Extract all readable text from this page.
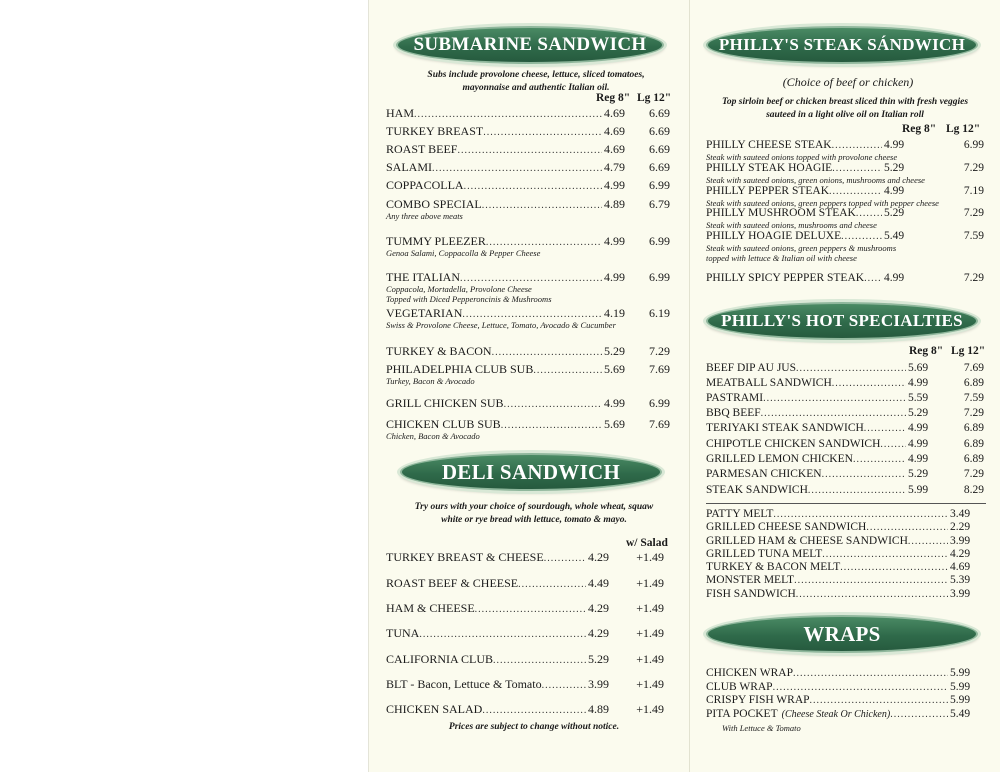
SUBMARINE SANDWICH
Subs include provolone cheese, lettuce, sliced tomatoes,
mayonnaise and authentic Italian oil.
Reg 8" Lg 12"
HAM .....	4.69	6.69
TURKEY BREAST .....	4.69	6.69
ROAST BEEF .....	4.69	6.69
SALAMI .....	4.79	6.69
COPPACOLLA .....	4.99	6.99
COMBO SPECIAL .....	4.89	6.79
Any three above meats
TUMMY PLEEZER .....	4.99	6.99
Genoa Salami, Coppacolla & Pepper Cheese
THE ITALIAN .....	4.99	6.99
Coppacola, Mortadella, Provolone Cheese
Topped with Diced Pepperoncinis & Mushrooms
VEGETARIAN .....	4.19	6.19
Swiss & Provolone Cheese, Lettuce, Tomato, Avocado & Cucumber
TURKEY & BACON .....	5.29	7.29
PHILADELPHIA CLUB SUB .....	5.69	7.69
Turkey, Bacon & Avocado
GRILL CHICKEN SUB .....	4.99	6.99
CHICKEN CLUB SUB .....	5.69	7.69
Chicken, Bacon & Avocado
DELI SANDWICH
Try ours with your choice of sourdough, whole wheat, squaw
white or rye bread with lettuce, tomato & mayo.
w/ Salad
TURKEY BREAST & CHEESE .....	4.29	+1.49
ROAST BEEF & CHEESE .....	4.49	+1.49
HAM & CHEESE .....	4.29	+1.49
TUNA .....	4.29	+1.49
CALIFORNIA CLUB .....	5.29	+1.49
BLT - Bacon, Lettuce & Tomato .....	3.99	+1.49
CHICKEN SALAD .....	4.89	+1.49
Prices are subject to change without notice.
PHILLY'S STEAK SÁNDWICH
(Choice of beef or chicken)
Top sirloin beef or chicken breast sliced thin with fresh veggies
sauteed in a light olive oil on Italian roll
Reg 8" Lg 12"
PHILLY CHEESE STEAK .....	4.99	6.99
Steak with sauteed onions topped with provolone cheese
PHILLY STEAK HOAGIE .....	5.29	7.29
Steak with sauteed onions, green onions, mushrooms and cheese
PHILLY PEPPER STEAK .....	4.99	7.19
Steak with sauteed onions, green peppers topped with pepper cheese
PHILLY MUSHROOM STEAK ..... 5.29	7.29
Steak with sauteed onions, mushrooms and cheese
PHILLY HOAGIE DELUXE .....	5.49	7.59
Steak with sauteed onions, green peppers & mushrooms
topped with lettuce & Italian oil with cheese
PHILLY SPICY PEPPER STEAK ..... 4.99	7.29
PHILLY'S HOT SPECIALTIES
Reg 8" Lg 12"
BEEF DIP AU JUS .....	5.69	7.69
MEATBALL SANDWICH .....	4.99	6.89
PASTRAMI .....	5.59	7.59
BBQ BEEF .....	5.29	7.29
TERIYAKI STEAK SANDWICH .....	4.99	6.89
CHIPOTLE CHICKEN SANDWICH ..... 4.99	6.89
GRILLED LEMON CHICKEN .....	4.99	6.89
PARMESAN CHICKEN .....	5.29	7.29
STEAK SANDWICH .....	5.99	8.29
PATTY MELT .....	3.49
GRILLED CHEESE SANDWICH .....	2.29
GRILLED HAM & CHEESE SANDWICH .....	3.99
GRILLED TUNA MELT .....	4.29
TURKEY & BACON MELT .....	4.69
MONSTER MELT .....	5.39
FISH SANDWICH .....	3.99
WRAPS
CHICKEN WRAP .....	5.99
CLUB WRAP .....	5.99
CRISPY FISH WRAP .....	5.99
PITA POCKET (Cheese Steak Or Chicken) .....	5.49
With Lettuce & Tomato
